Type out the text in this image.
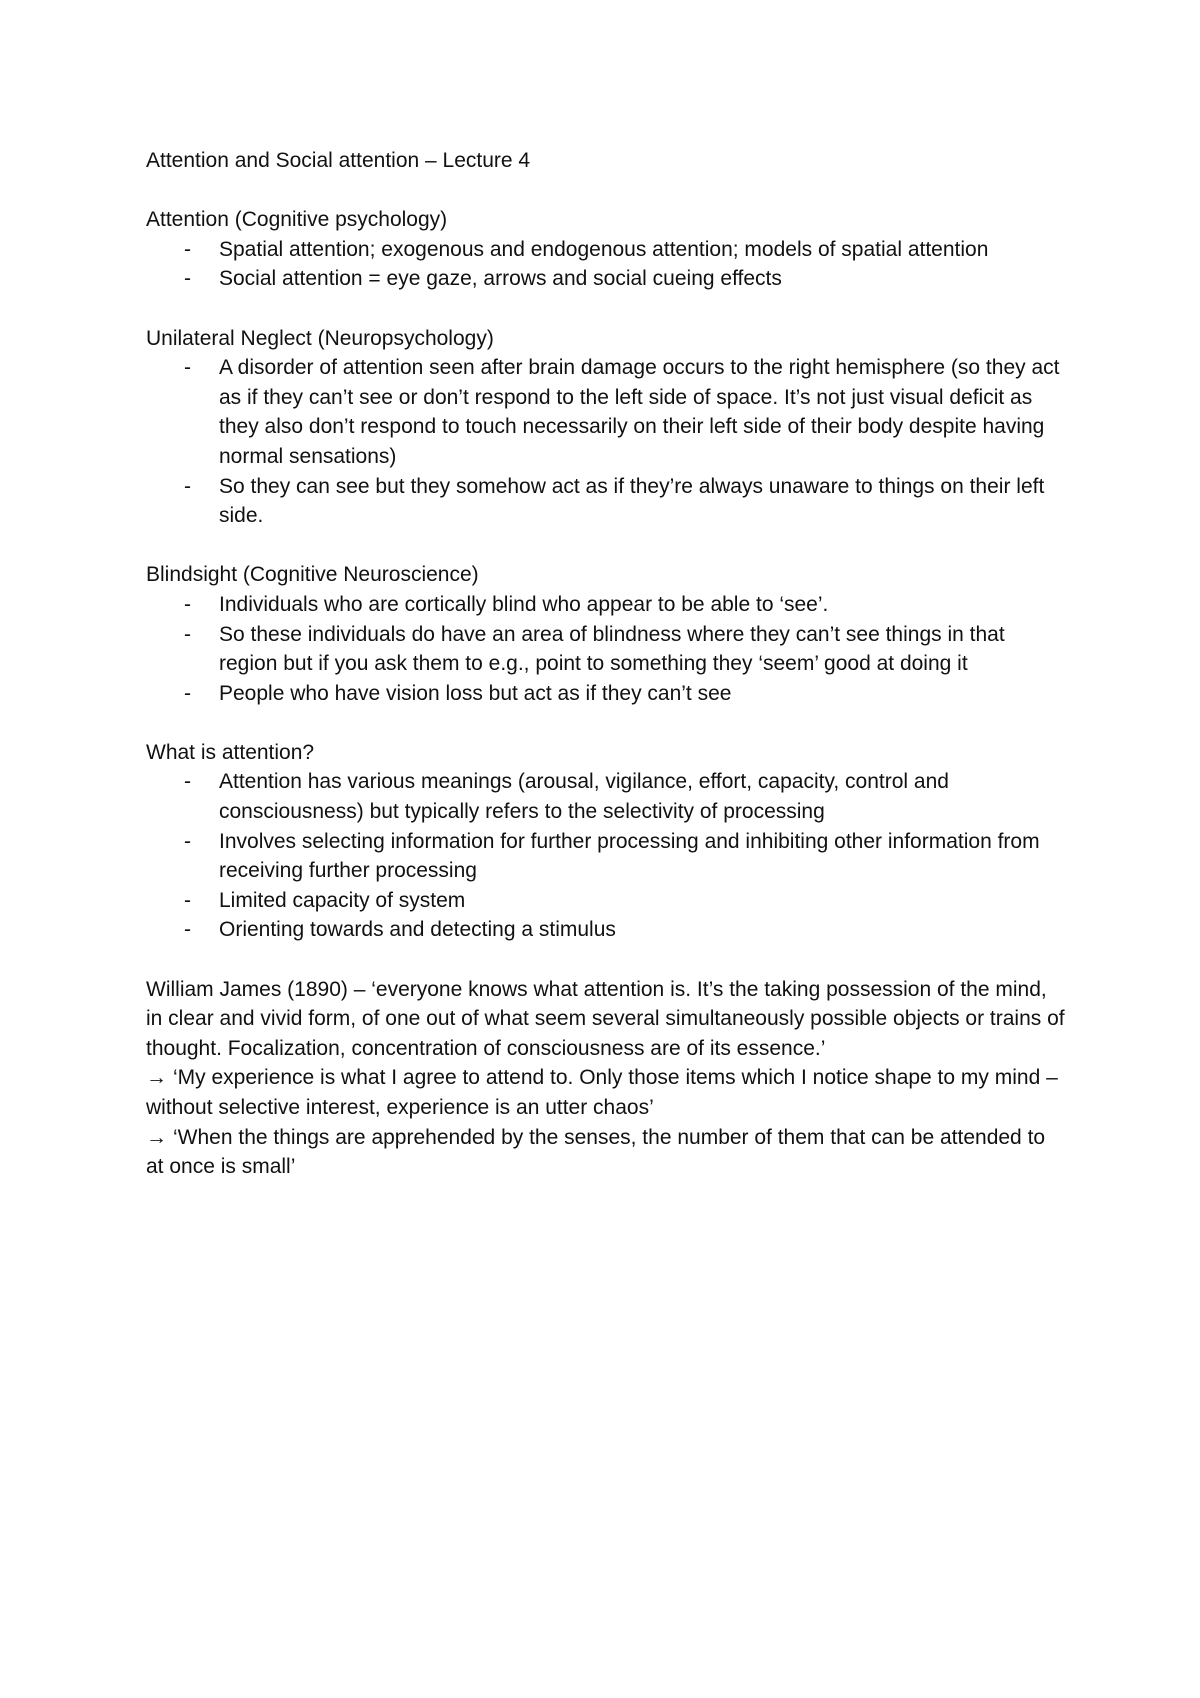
Attention and Social attention – Lecture 4

Attention (Cognitive psychology)

- Spatial attention; exogenous and endogenous attention; models of spatial attention
- Social attention = eye gaze, arrows and social cueing effects

Unilateral Neglect (Neuropsychology)

- A disorder of attention seen after brain damage occurs to the right hemisphere (so they act as if they can’t see or don’t respond to the left side of space. It’s not just visual deficit as they also don’t respond to touch necessarily on their left side of their body despite having normal sensations)
- So they can see but they somehow act as if they’re always unaware to things on their left side.

Blindsight (Cognitive Neuroscience)

- Individuals who are cortically blind who appear to be able to ‘see’.
- So these individuals do have an area of blindness where they can’t see things in that region but if you ask them to e.g., point to something they ‘seem’ good at doing it
- People who have vision loss but act as if they can’t see

What is attention?

- Attention has various meanings (arousal, vigilance, effort, capacity, control and consciousness) but typically refers to the selectivity of processing
- Involves selecting information for further processing and inhibiting other information from receiving further processing
- Limited capacity of system
- Orienting towards and detecting a stimulus

William James (1890) – ‘everyone knows what attention is. It’s the taking possession of the mind, in clear and vivid form, of one out of what seem several simultaneously possible objects or trains of thought. Focalization, concentration of consciousness are of its essence.’

→ ‘My experience is what I agree to attend to. Only those items which I notice shape to my mind – without selective interest, experience is an utter chaos’

→ ‘When the things are apprehended by the senses, the number of them that can be attended to at once is small’
